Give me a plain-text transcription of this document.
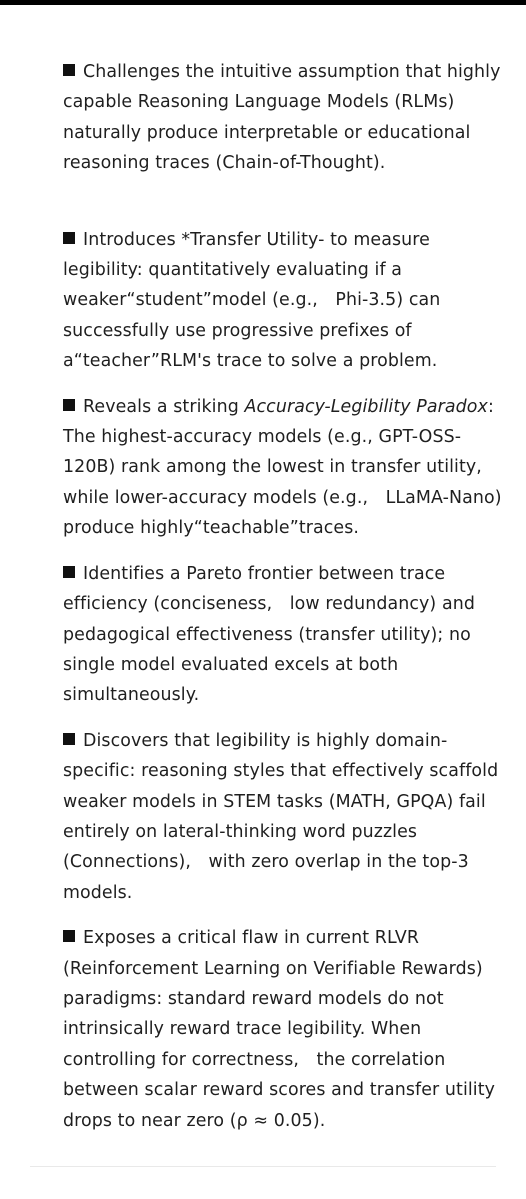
Challenges the intuitive assumption that highly capable Reasoning Language Models (RLMs) naturally produce interpretable or educational reasoning traces (Chain-of-Thought).

Introduces *Transfer Utility- to measure legibility: quantitatively evaluating if a weaker“student”model (e.g., Phi-3.5) can successfully use progressive prefixes of a“teacher”RLM's trace to solve a problem.

Reveals a striking Accuracy-Legibility Paradox: The highest-accuracy models (e.g., GPT-OSS-120B) rank among the lowest in transfer utility, while lower-accuracy models (e.g., LLaMA-Nano) produce highly“teachable”traces.

Identifies a Pareto frontier between trace efficiency (conciseness, low redundancy) and pedagogical effectiveness (transfer utility); no single model evaluated excels at both simultaneously.

Discovers that legibility is highly domain-specific: reasoning styles that effectively scaffold weaker models in STEM tasks (MATH, GPQA) fail entirely on lateral-thinking word puzzles (Connections), with zero overlap in the top-3 models.

Exposes a critical flaw in current RLVR (Reinforcement Learning on Verifiable Rewards) paradigms: standard reward models do not intrinsically reward trace legibility. When controlling for correctness, the correlation between scalar reward scores and transfer utility drops to near zero (ρ ≈ 0.05).
